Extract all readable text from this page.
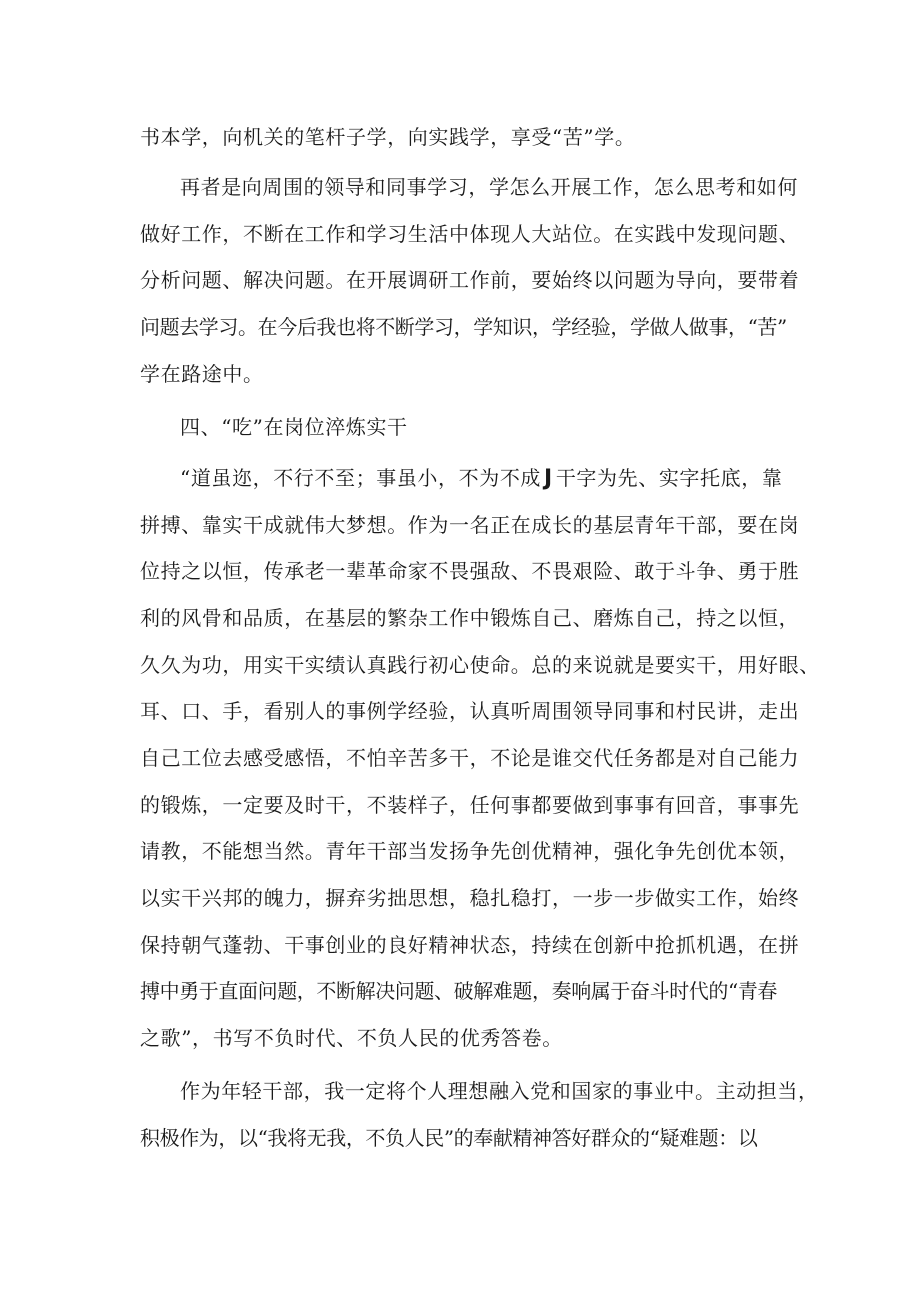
书本学，向机关的笔杆子学，向实践学，享受“苦”学。
再者是向周围的领导和同事学习，学怎么开展工作，怎么思考和如何
做好工作，不断在工作和学习生活中体现人大站位。在实践中发现问题、
分析问题、解决问题。在开展调研工作前，要始终以问题为导向，要带着
问题去学习。在今后我也将不断学习，学知识，学经验，学做人做事，“苦”
学在路途中。
四、“吃”在岗位淬炼实干
“道虽迩，不行不至；事虽小，不为不成 J 干字为先、实字托底，靠
拼搏、靠实干成就伟大梦想。作为一名正在成长的基层青年干部，要在岗
位持之以恒，传承老一辈革命家不畏强敌、不畏艰险、敢于斗争、勇于胜
利的风骨和品质，在基层的繁杂工作中锻炼自己、磨炼自己，持之以恒，
久久为功，用实干实绩认真践行初心使命。总的来说就是要实干，用好眼、
耳、口、手，看别人的事例学经验，认真听周围领导同事和村民讲，走出
自己工位去感受感悟，不怕辛苦多干，不论是谁交代任务都是对自己能力
的锻炼，一定要及时干，不装样子，任何事都要做到事事有回音，事事先
请教，不能想当然。青年干部当发扬争先创优精神，强化争先创优本领，
以实干兴邦的魄力，摒弃劣拙思想，稳扎稳打，一步一步做实工作，始终
保持朝气蓬勃、干事创业的良好精神状态，持续在创新中抢抓机遇，在拼
搏中勇于直面问题，不断解决问题、破解难题，奏响属于奋斗时代的“青春
之歌”，书写不负时代、不负人民的优秀答卷。
作为年轻干部，我一定将个人理想融入党和国家的事业中。主动担当，
积极作为，以“我将无我，不负人民”的奉献精神答好群众的“疑难题：以
